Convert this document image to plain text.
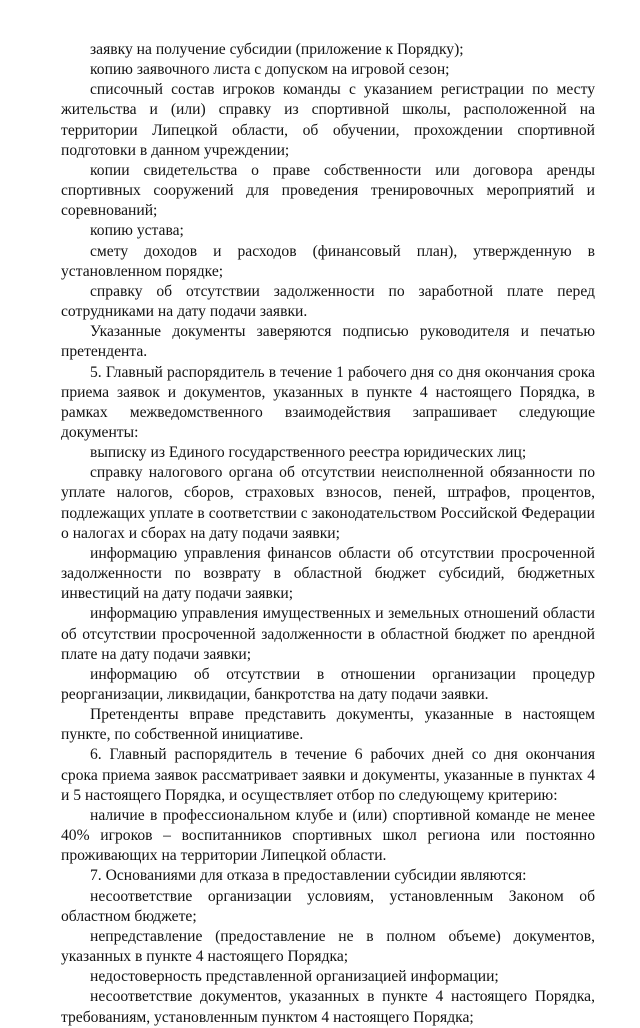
заявку на получение субсидии (приложение к Порядку);

копию заявочного листа с допуском на игровой сезон;

списочный состав игроков команды с указанием регистрации по месту жительства и (или) справку из спортивной школы, расположенной на территории Липецкой области, об обучении, прохождении спортивной подготовки в данном учреждении;

копии свидетельства о праве собственности или договора аренды спортивных сооружений для проведения тренировочных мероприятий и соревнований;

копию устава;

смету доходов и расходов (финансовый план), утвержденную в установленном порядке;

справку об отсутствии задолженности по заработной плате перед сотрудниками на дату подачи заявки.

Указанные документы заверяются подписью руководителя и печатью претендента.

5. Главный распорядитель в течение 1 рабочего дня со дня окончания срока приема заявок и документов, указанных в пункте 4 настоящего Порядка, в рамках межведомственного взаимодействия запрашивает следующие документы:

выписку из Единого государственного реестра юридических лиц;

справку налогового органа об отсутствии неисполненной обязанности по уплате налогов, сборов, страховых взносов, пеней, штрафов, процентов, подлежащих уплате в соответствии с законодательством Российской Федерации о налогах и сборах на дату подачи заявки;

информацию управления финансов области об отсутствии просроченной задолженности по возврату в областной бюджет субсидий, бюджетных инвестиций на дату подачи заявки;

информацию управления имущественных и земельных отношений области об отсутствии просроченной задолженности в областной бюджет по арендной плате на дату подачи заявки;

информацию об отсутствии в отношении организации процедур реорганизации, ликвидации, банкротства на дату подачи заявки.

Претенденты вправе представить документы, указанные в настоящем пункте, по собственной инициативе.

6. Главный распорядитель в течение 6 рабочих дней со дня окончания срока приема заявок рассматривает заявки и документы, указанные в пунктах 4 и 5 настоящего Порядка, и осуществляет отбор по следующему критерию:

наличие в профессиональном клубе и (или) спортивной команде не менее 40% игроков – воспитанников спортивных школ региона или постоянно проживающих на территории Липецкой области.

7. Основаниями для отказа в предоставлении субсидии являются:

несоответствие организации условиям, установленным Законом об областном бюджете;

непредставление (предоставление не в полном объеме) документов, указанных в пункте 4 настоящего Порядка;

недостоверность представленной организацией информации;

несоответствие документов, указанных в пункте 4 настоящего Порядка, требованиям, установленным пунктом 4 настоящего Порядка;
